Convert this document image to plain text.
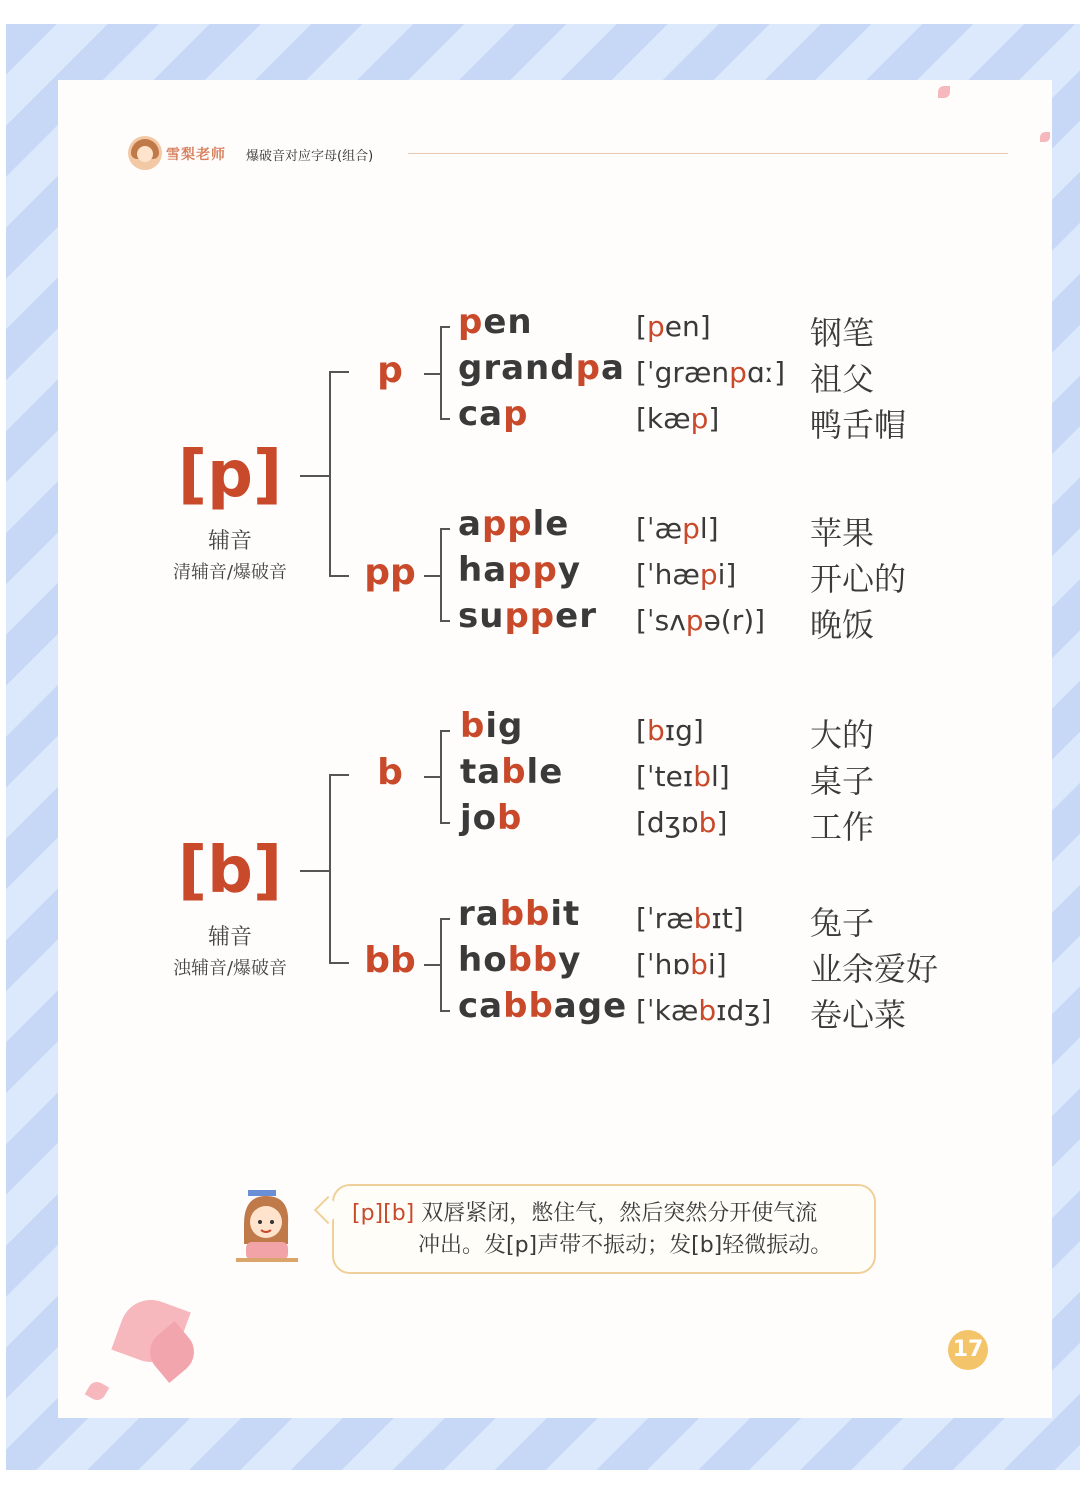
雪梨老师 爆破音对应字母(组合)
[p]
辅音
清辅音/爆破音
p
pp
pen	[pen]	钢笔
grandpa [ˈgrænpɑː] 祖父
cap	[kæp]	鸭舌帽
apple [ˈæpl]	苹果
happy [ˈhæpi] 开心的
supper [ˈsʌpə(r)] 晚饭
[b]
辅音
浊辅音/爆破音
b
bb
big	[bɪg]	大的
table	[ˈteɪbl]	桌子
job	[dʒɒb]	工作
rabbit [ˈræbɪt] 兔子
hobby [ˈhɒbi]	业余爱好
cabbage [ˈkæbɪdʒ] 卷心菜
[p][b] 双唇紧闭，憋住气，然后突然分开使气流
冲出。发[p]声带不振动；发[b]轻微振动。
17
